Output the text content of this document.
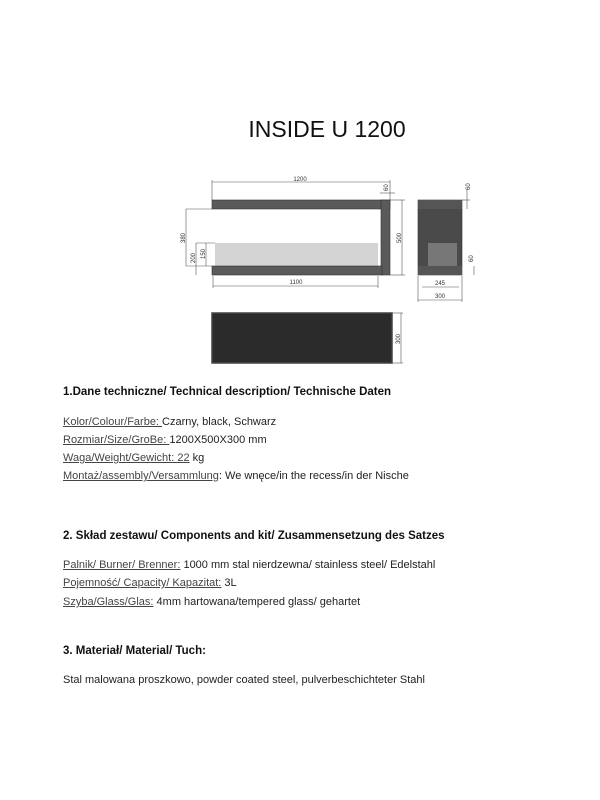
INSIDE U 1200
1200
60
500
380
200 150
1100
60
60
245
300
300
1.Dane techniczne/ Technical description/ Technische Daten
Kolor/Colour/Farbe: Czarny, black, Schwarz
Rozmiar/Size/GroBe: 1200X500X300 mm
Waga/Weight/Gewicht: 22 kg
Montaż/assembly/Versammlung: We wnęce/in the recess/in der Nische
2. Skład zestawu/ Components and kit/ Zusammensetzung des Satzes
Palnik/ Burner/ Brenner: 1000 mm stal nierdzewna/ stainless steel/ Edelstahl
Pojemność/ Capacity/ Kapazitat: 3L
Szyba/Glass/Glas: 4mm hartowana/tempered glass/ gehartet
3. Materiał/ Material/ Tuch:
Stal malowana proszkowo, powder coated steel, pulverbeschichteter Stahl
